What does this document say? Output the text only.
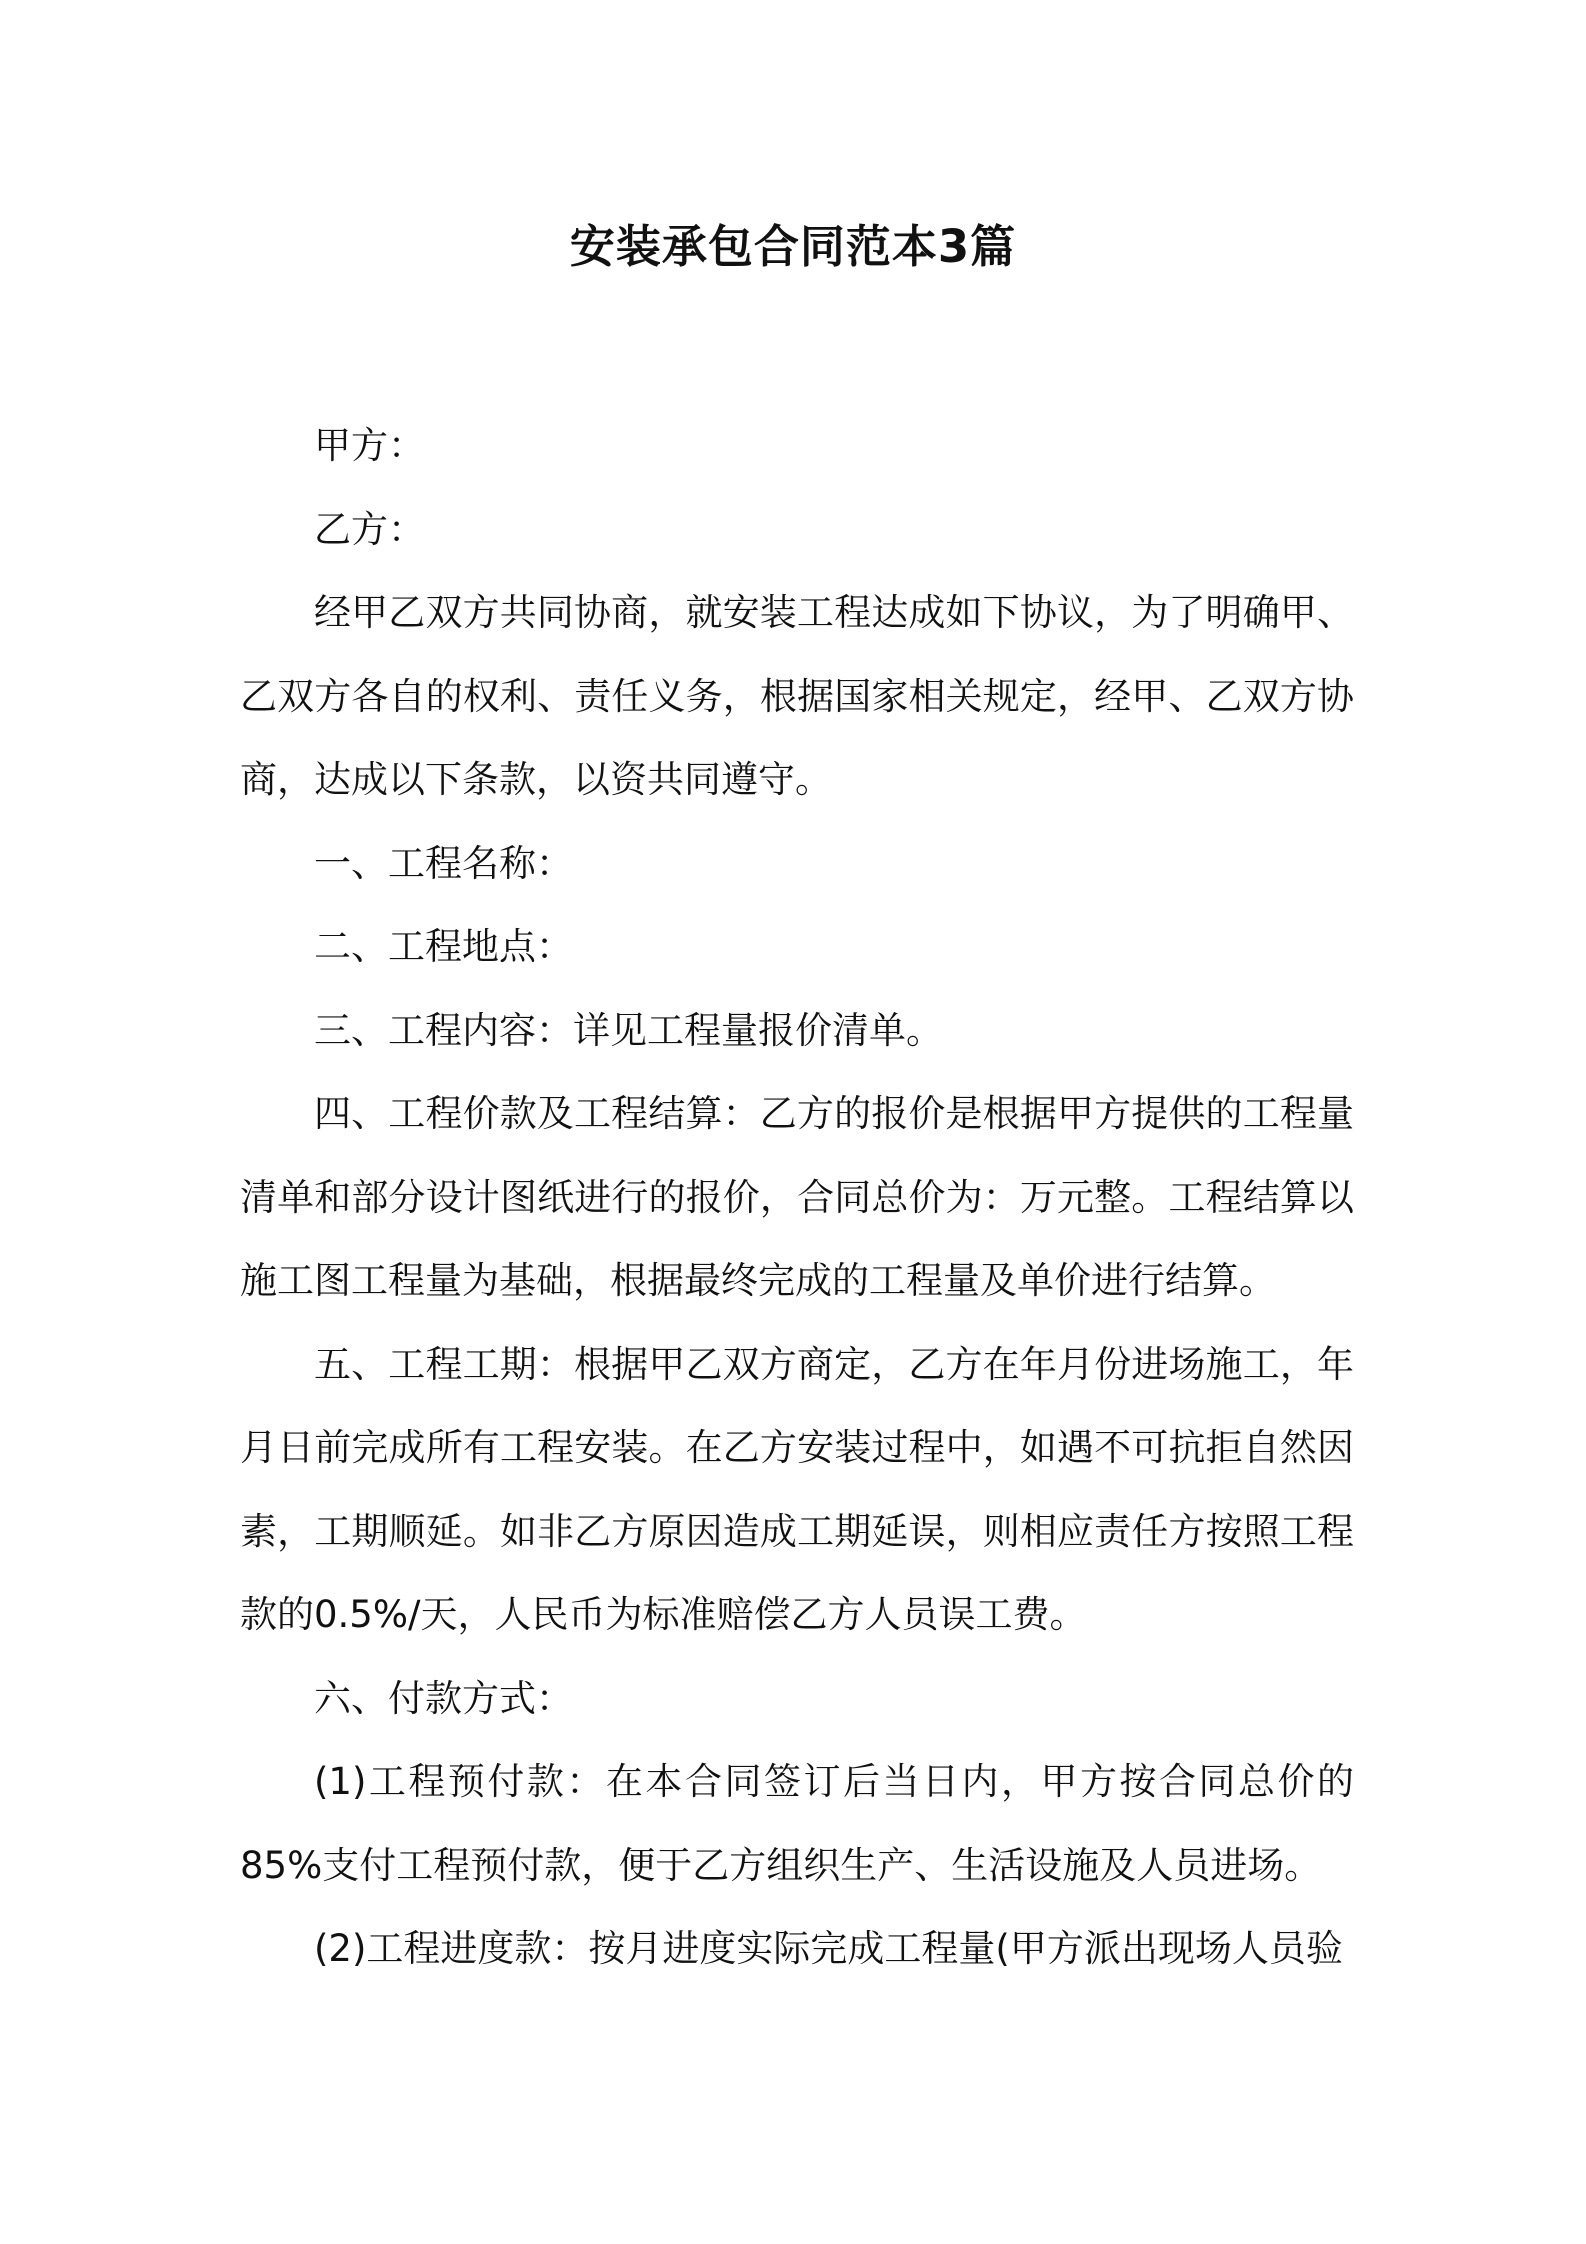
安装承包合同范本3篇

甲方：

乙方：

经甲乙双方共同协商，就安装工程达成如下协议，为了明确甲、乙双方各自的权利、责任义务，根据国家相关规定，经甲、乙双方协商，达成以下条款，以资共同遵守。

一、工程名称：

二、工程地点：

三、工程内容：详见工程量报价清单。

四、工程价款及工程结算：乙方的报价是根据甲方提供的工程量清单和部分设计图纸进行的报价，合同总价为：万元整。工程结算以施工图工程量为基础，根据最终完成的工程量及单价进行结算。

五、工程工期：根据甲乙双方商定，乙方在年月份进场施工，年月日前完成所有工程安装。在乙方安装过程中，如遇不可抗拒自然因素，工期顺延。如非乙方原因造成工期延误，则相应责任方按照工程款的0.5%/天，人民币为标准赔偿乙方人员误工费。

六、付款方式：

(1)工程预付款：在本合同签订后当日内，甲方按合同总价的85%支付工程预付款，便于乙方组织生产、生活设施及人员进场。

(2)工程进度款：按月进度实际完成工程量(甲方派出现场人员验
